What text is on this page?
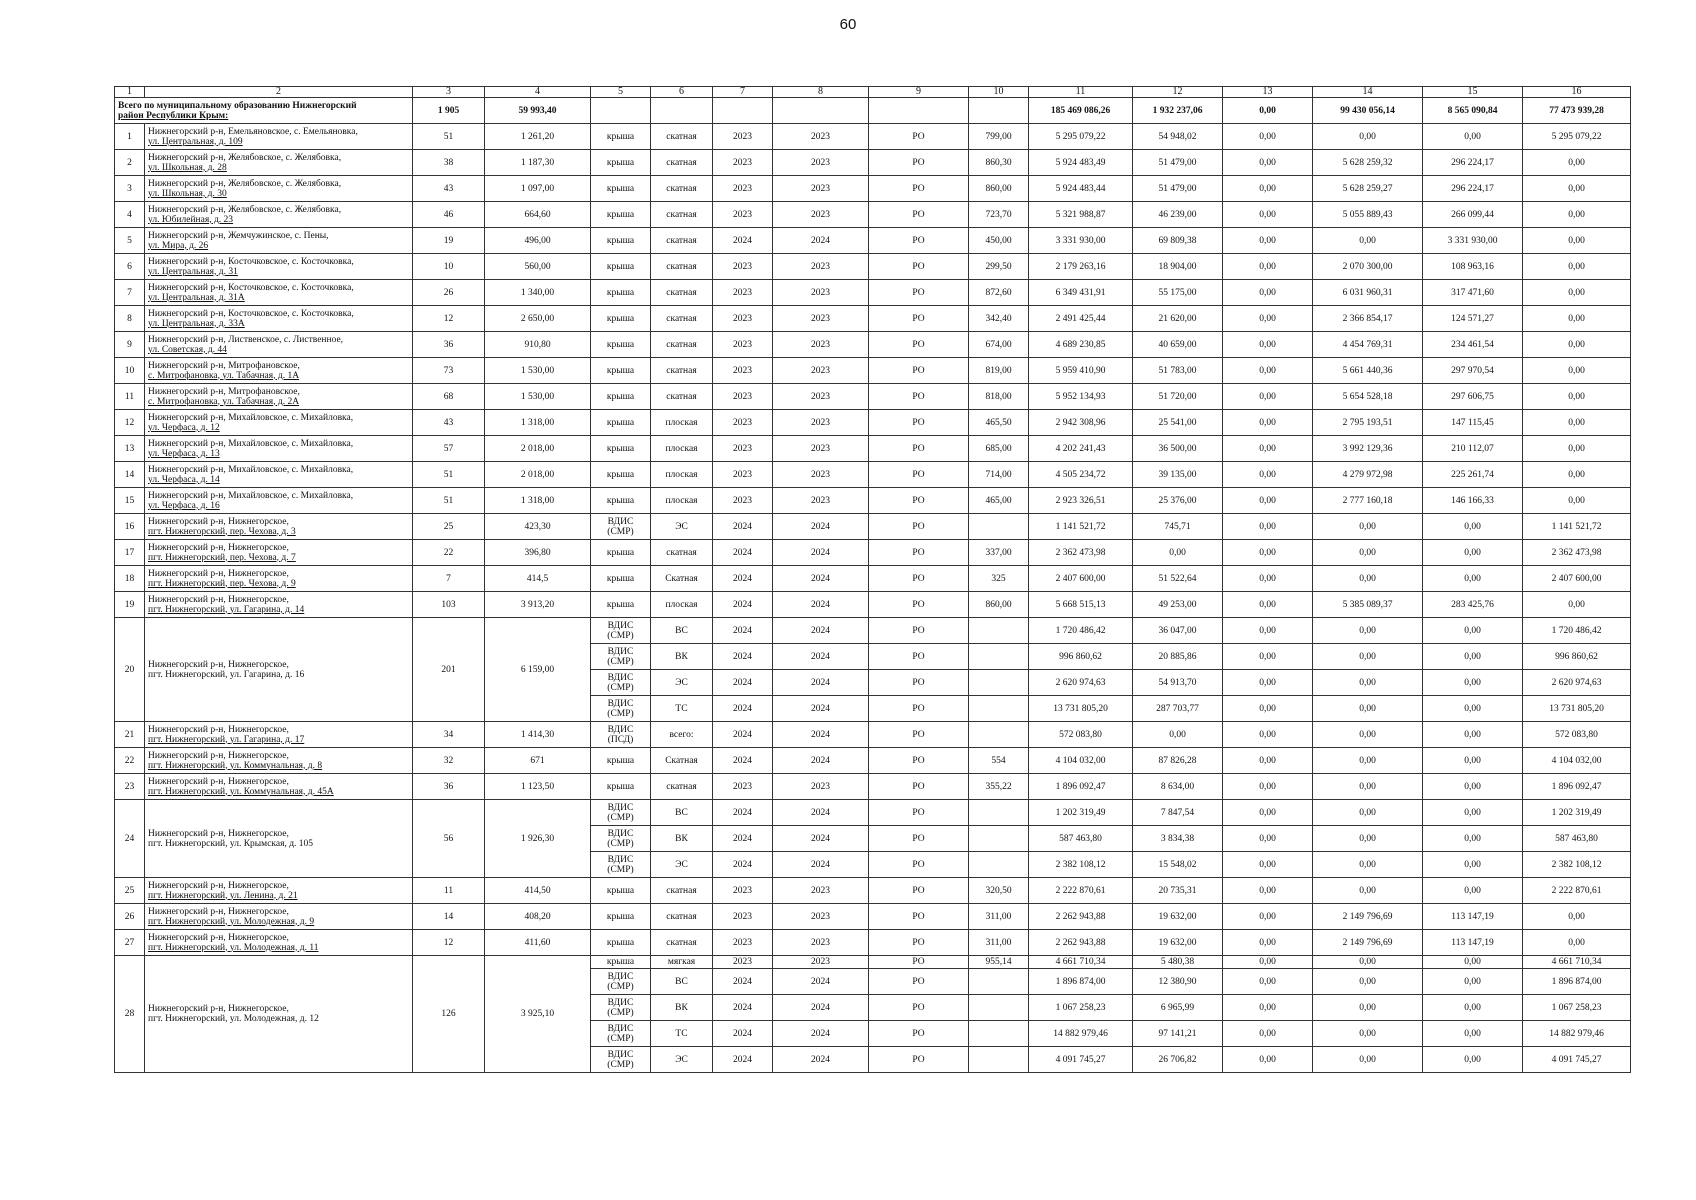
60
1	2	3	4	5	6	7	8	9	10	11	12	13	14	15	16

Всего по муниципальному образованию Нижнегорский
район Республики Крым:		1 905	59 993,40							185 469 086,26	1 932 237,06	0,00	99 430 056,14	8 565 090,84	77 473 939,28
1	Нижнегорский р-н, Емельяновское, с. Емельяновка,
ул. Центральная, д. 109	51	1 261,20	крыша	скатная	2023	2023	РО	799,00	5 295 079,22	54 948,02	0,00	0,00	0,00	5 295 079,22
2	Нижнегорский р-н, Желябовское, с. Желябовка,
ул. Школьная, д. 28	38	1 187,30	крыша	скатная	2023	2023	РО	860,30	5 924 483,49	51 479,00	0,00	5 628 259,32	296 224,17	0,00
3	Нижнегорский р-н, Желябовское, с. Желябовка,
ул. Школьная, д. 30	43	1 097,00	крыша	скатная	2023	2023	РО	860,00	5 924 483,44	51 479,00	0,00	5 628 259,27	296 224,17	0,00
4	Нижнегорский р-н, Желябовское, с. Желябовка,
ул. Юбилейная, д. 23	46	664,60	крыша	скатная	2023	2023	РО	723,70	5 321 988,87	46 239,00	0,00	5 055 889,43	266 099,44	0,00
5	Нижнегорский р-н, Жемчужинское, с. Пены,
ул. Мира, д. 26	19	496,00	крыша	скатная	2024	2024	РО	450,00	3 331 930,00	69 809,38	0,00	0,00	3 331 930,00	0,00
6	Нижнегорский р-н, Косточковское, с. Косточковка,
ул. Центральная, д. 31	10	560,00	крыша	скатная	2023	2023	РО	299,50	2 179 263,16	18 904,00	0,00	2 070 300,00	108 963,16	0,00
7	Нижнегорский р-н, Косточковское, с. Косточковка,
ул. Центральная, д. 31А	26	1 340,00	крыша	скатная	2023	2023	РО	872,60	6 349 431,91	55 175,00	0,00	6 031 960,31	317 471,60	0,00
8	Нижнегорский р-н, Косточковское, с. Косточковка,
ул. Центральная, д. 33А	12	2 650,00	крыша	скатная	2023	2023	РО	342,40	2 491 425,44	21 620,00	0,00	2 366 854,17	124 571,27	0,00
9	Нижнегорский р-н, Лиственское, с. Лиственное,
ул. Советская, д. 44	36	910,80	крыша	скатная	2023	2023	РО	674,00	4 689 230,85	40 659,00	0,00	4 454 769,31	234 461,54	0,00
10	Нижнегорский р-н, Митрофановское,
с. Митрофановка, ул. Табачная, д. 1А	73	1 530,00	крыша	скатная	2023	2023	РО	819,00	5 959 410,90	51 783,00	0,00	5 661 440,36	297 970,54	0,00
11	Нижнегорский р-н, Митрофановское,
с. Митрофановка, ул. Табачная, д. 2А	68	1 530,00	крыша	скатная	2023	2023	РО	818,00	5 952 134,93	51 720,00	0,00	5 654 528,18	297 606,75	0,00
12	Нижнегорский р-н, Михайловское, с. Михайловка,
ул. Черфаса, д. 12	43	1 318,00	крыша	плоская	2023	2023	РО	465,50	2 942 308,96	25 541,00	0,00	2 795 193,51	147 115,45	0,00
13	Нижнегорский р-н, Михайловское, с. Михайловка,
ул. Черфаса, д. 13	57	2 018,00	крыша	плоская	2023	2023	РО	685,00	4 202 241,43	36 500,00	0,00	3 992 129,36	210 112,07	0,00
14	Нижнегорский р-н, Михайловское, с. Михайловка,
ул. Черфаса, д. 14	51	2 018,00	крыша	плоская	2023	2023	РО	714,00	4 505 234,72	39 135,00	0,00	4 279 972,98	225 261,74	0,00
15	Нижнегорский р-н, Михайловское, с. Михайловка,
ул. Черфаса, д. 16	51	1 318,00	крыша	плоская	2023	2023	РО	465,00	2 923 326,51	25 376,00	0,00	2 777 160,18	146 166,33	0,00
16	Нижнегорский р-н, Нижнегорское,
пгт. Нижнегорский, пер. Чехова, д. 3	25	423,30	ВДИС (СМР)	ЭС	2024	2024	РО		1 141 521,72	745,71	0,00	0,00	0,00	1 141 521,72
17	Нижнегорский р-н, Нижнегорское,
пгт. Нижнегорский, пер. Чехова, д. 7	22	396,80	крыша	скатная	2024	2024	РО	337,00	2 362 473,98	0,00	0,00	0,00	0,00	2 362 473,98
18	Нижнегорский р-н, Нижнегорское,
пгт. Нижнегорский, пер. Чехова, д. 9	7	414,5	крыша	Скатная	2024	2024	РО	325	2 407 600,00	51 522,64	0,00	0,00	0,00	2 407 600,00
19	Нижнегорский р-н, Нижнегорское,
пгт. Нижнегорский, ул. Гагарина, д. 14	103	3 913,20	крыша	плоская	2024	2024	РО	860,00	5 668 515,13	49 253,00	0,00	5 385 089,37	283 425,76	0,00
20	Нижнегорский р-н, Нижнегорское,
пгт. Нижнегорский, ул. Гагарина, д. 16	201	6 159,00	ВДИС (СМР)	ВС	2024	2024	РО		1 720 486,42	36 047,00	0,00	0,00	0,00	1 720 486,42
				ВДИС (СМР)	ВК	2024	2024	РО		996 860,62	20 885,86	0,00	0,00	0,00	996 860,62
				ВДИС (СМР)	ЭС	2024	2024	РО		2 620 974,63	54 913,70	0,00	0,00	0,00	2 620 974,63
				ВДИС (СМР)	ТС	2024	2024	РО		13 731 805,20	287 703,77	0,00	0,00	0,00	13 731 805,20
21	Нижнегорский р-н, Нижнегорское,
пгт. Нижнегорский, ул. Гагарина, д. 17	34	1 414,30	ВДИС (ПСД)	всего:	2024	2024	РО		572 083,80	0,00	0,00	0,00	0,00	572 083,80
22	Нижнегорский р-н, Нижнегорское,
пгт. Нижнегорский, ул. Коммунальная, д. 8	32	671	крыша	Скатная	2024	2024	РО	554	4 104 032,00	87 826,28	0,00	0,00	0,00	4 104 032,00
23	Нижнегорский р-н, Нижнегорское,
пгт. Нижнегорский, ул. Коммунальная, д. 45А	36	1 123,50	крыша	скатная	2023	2023	РО	355,22	1 896 092,47	8 634,00	0,00	0,00	0,00	1 896 092,47
24	Нижнегорский р-н, Нижнегорское,
пгт. Нижнегорский, ул. Крымская, д. 105	56	1 926,30	ВДИС (СМР)	ВС	2024	2024	РО		1 202 319,49	7 847,54	0,00	0,00	0,00	1 202 319,49
				ВДИС (СМР)	ВК	2024	2024	РО		587 463,80	3 834,38	0,00	0,00	0,00	587 463,80
				ВДИС (СМР)	ЭС	2024	2024	РО		2 382 108,12	15 548,02	0,00	0,00	0,00	2 382 108,12
25	Нижнегорский р-н, Нижнегорское,
пгт. Нижнегорский, ул. Ленина, д. 21	11	414,50	крыша	скатная	2023	2023	РО	320,50	2 222 870,61	20 735,31	0,00	0,00	0,00	2 222 870,61
26	Нижнегорский р-н, Нижнегорское,
пгт. Нижнегорский, ул. Молодежная, д. 9	14	408,20	крыша	скатная	2023	2023	РО	311,00	2 262 943,88	19 632,00	0,00	2 149 796,69	113 147,19	0,00
27	Нижнегорский р-н, Нижнегорское,
пгт. Нижнегорский, ул. Молодежная, д. 11	12	411,60	крыша	скатная	2023	2023	РО	311,00	2 262 943,88	19 632,00	0,00	2 149 796,69	113 147,19	0,00
28	Нижнегорский р-н, Нижнегорское,
пгт. Нижнегорский, ул. Молодежная, д. 12	126	3 925,10	крыша	мягкая	2023	2023	РО	955,14	4 661 710,34	5 480,38	0,00	0,00	0,00	4 661 710,34
				ВДИС (СМР)	ВС	2024	2024	РО		1 896 874,00	12 380,90	0,00	0,00	0,00	1 896 874,00
				ВДИС (СМР)	ВК	2024	2024	РО		1 067 258,23	6 965,99	0,00	0,00	0,00	1 067 258,23
				ВДИС (СМР)	ТС	2024	2024	РО		14 882 979,46	97 141,21	0,00	0,00	0,00	14 882 979,46
				ВДИС (СМР)	ЭС	2024	2024	РО		4 091 745,27	26 706,82	0,00	0,00	0,00	4 091 745,27
